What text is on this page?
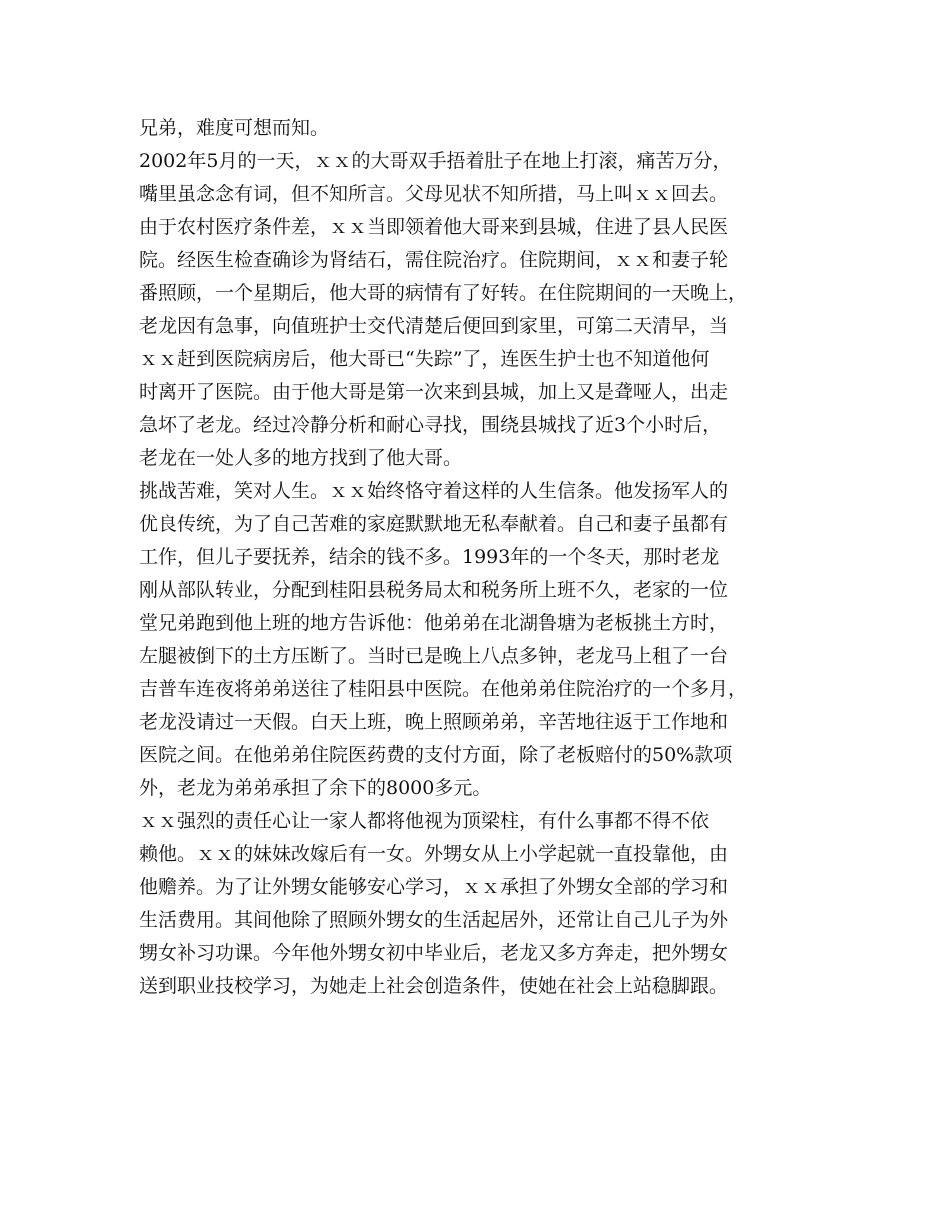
兄弟，难度可想而知。
2002年5月的一天，ｘｘ的大哥双手捂着肚子在地上打滚，痛苦万分，
嘴里虽念念有词，但不知所言。父母见状不知所措，马上叫ｘｘ回去。
由于农村医疗条件差，ｘｘ当即领着他大哥来到县城，住进了县人民医
院。经医生检查确诊为肾结石，需住院治疗。住院期间，ｘｘ和妻子轮
番照顾，一个星期后，他大哥的病情有了好转。在住院期间的一天晚上，
老龙因有急事，向值班护士交代清楚后便回到家里，可第二天清早，当
ｘｘ赶到医院病房后，他大哥已“失踪”了，连医生护士也不知道他何
时离开了医院。由于他大哥是第一次来到县城，加上又是聋哑人，出走
急坏了老龙。经过冷静分析和耐心寻找，围绕县城找了近3个小时后，
老龙在一处人多的地方找到了他大哥。
挑战苦难，笑对人生。ｘｘ始终恪守着这样的人生信条。他发扬军人的
优良传统，为了自己苦难的家庭默默地无私奉献着。自己和妻子虽都有
工作，但儿子要抚养，结余的钱不多。1993年的一个冬天，那时老龙
刚从部队转业，分配到桂阳县税务局太和税务所上班不久，老家的一位
堂兄弟跑到他上班的地方告诉他：他弟弟在北湖鲁塘为老板挑土方时，
左腿被倒下的土方压断了。当时已是晚上八点多钟，老龙马上租了一台
吉普车连夜将弟弟送往了桂阳县中医院。在他弟弟住院治疗的一个多月，
老龙没请过一天假。白天上班，晚上照顾弟弟，辛苦地往返于工作地和
医院之间。在他弟弟住院医药费的支付方面，除了老板赔付的50%款项
外，老龙为弟弟承担了余下的8000多元。
ｘｘ强烈的责任心让一家人都将他视为顶梁柱，有什么事都不得不依
赖他。ｘｘ的妹妹改嫁后有一女。外甥女从上小学起就一直投靠他，由
他赡养。为了让外甥女能够安心学习，ｘｘ承担了外甥女全部的学习和
生活费用。其间他除了照顾外甥女的生活起居外，还常让自己儿子为外
甥女补习功课。今年他外甥女初中毕业后，老龙又多方奔走，把外甥女
送到职业技校学习，为她走上社会创造条件，使她在社会上站稳脚跟。
